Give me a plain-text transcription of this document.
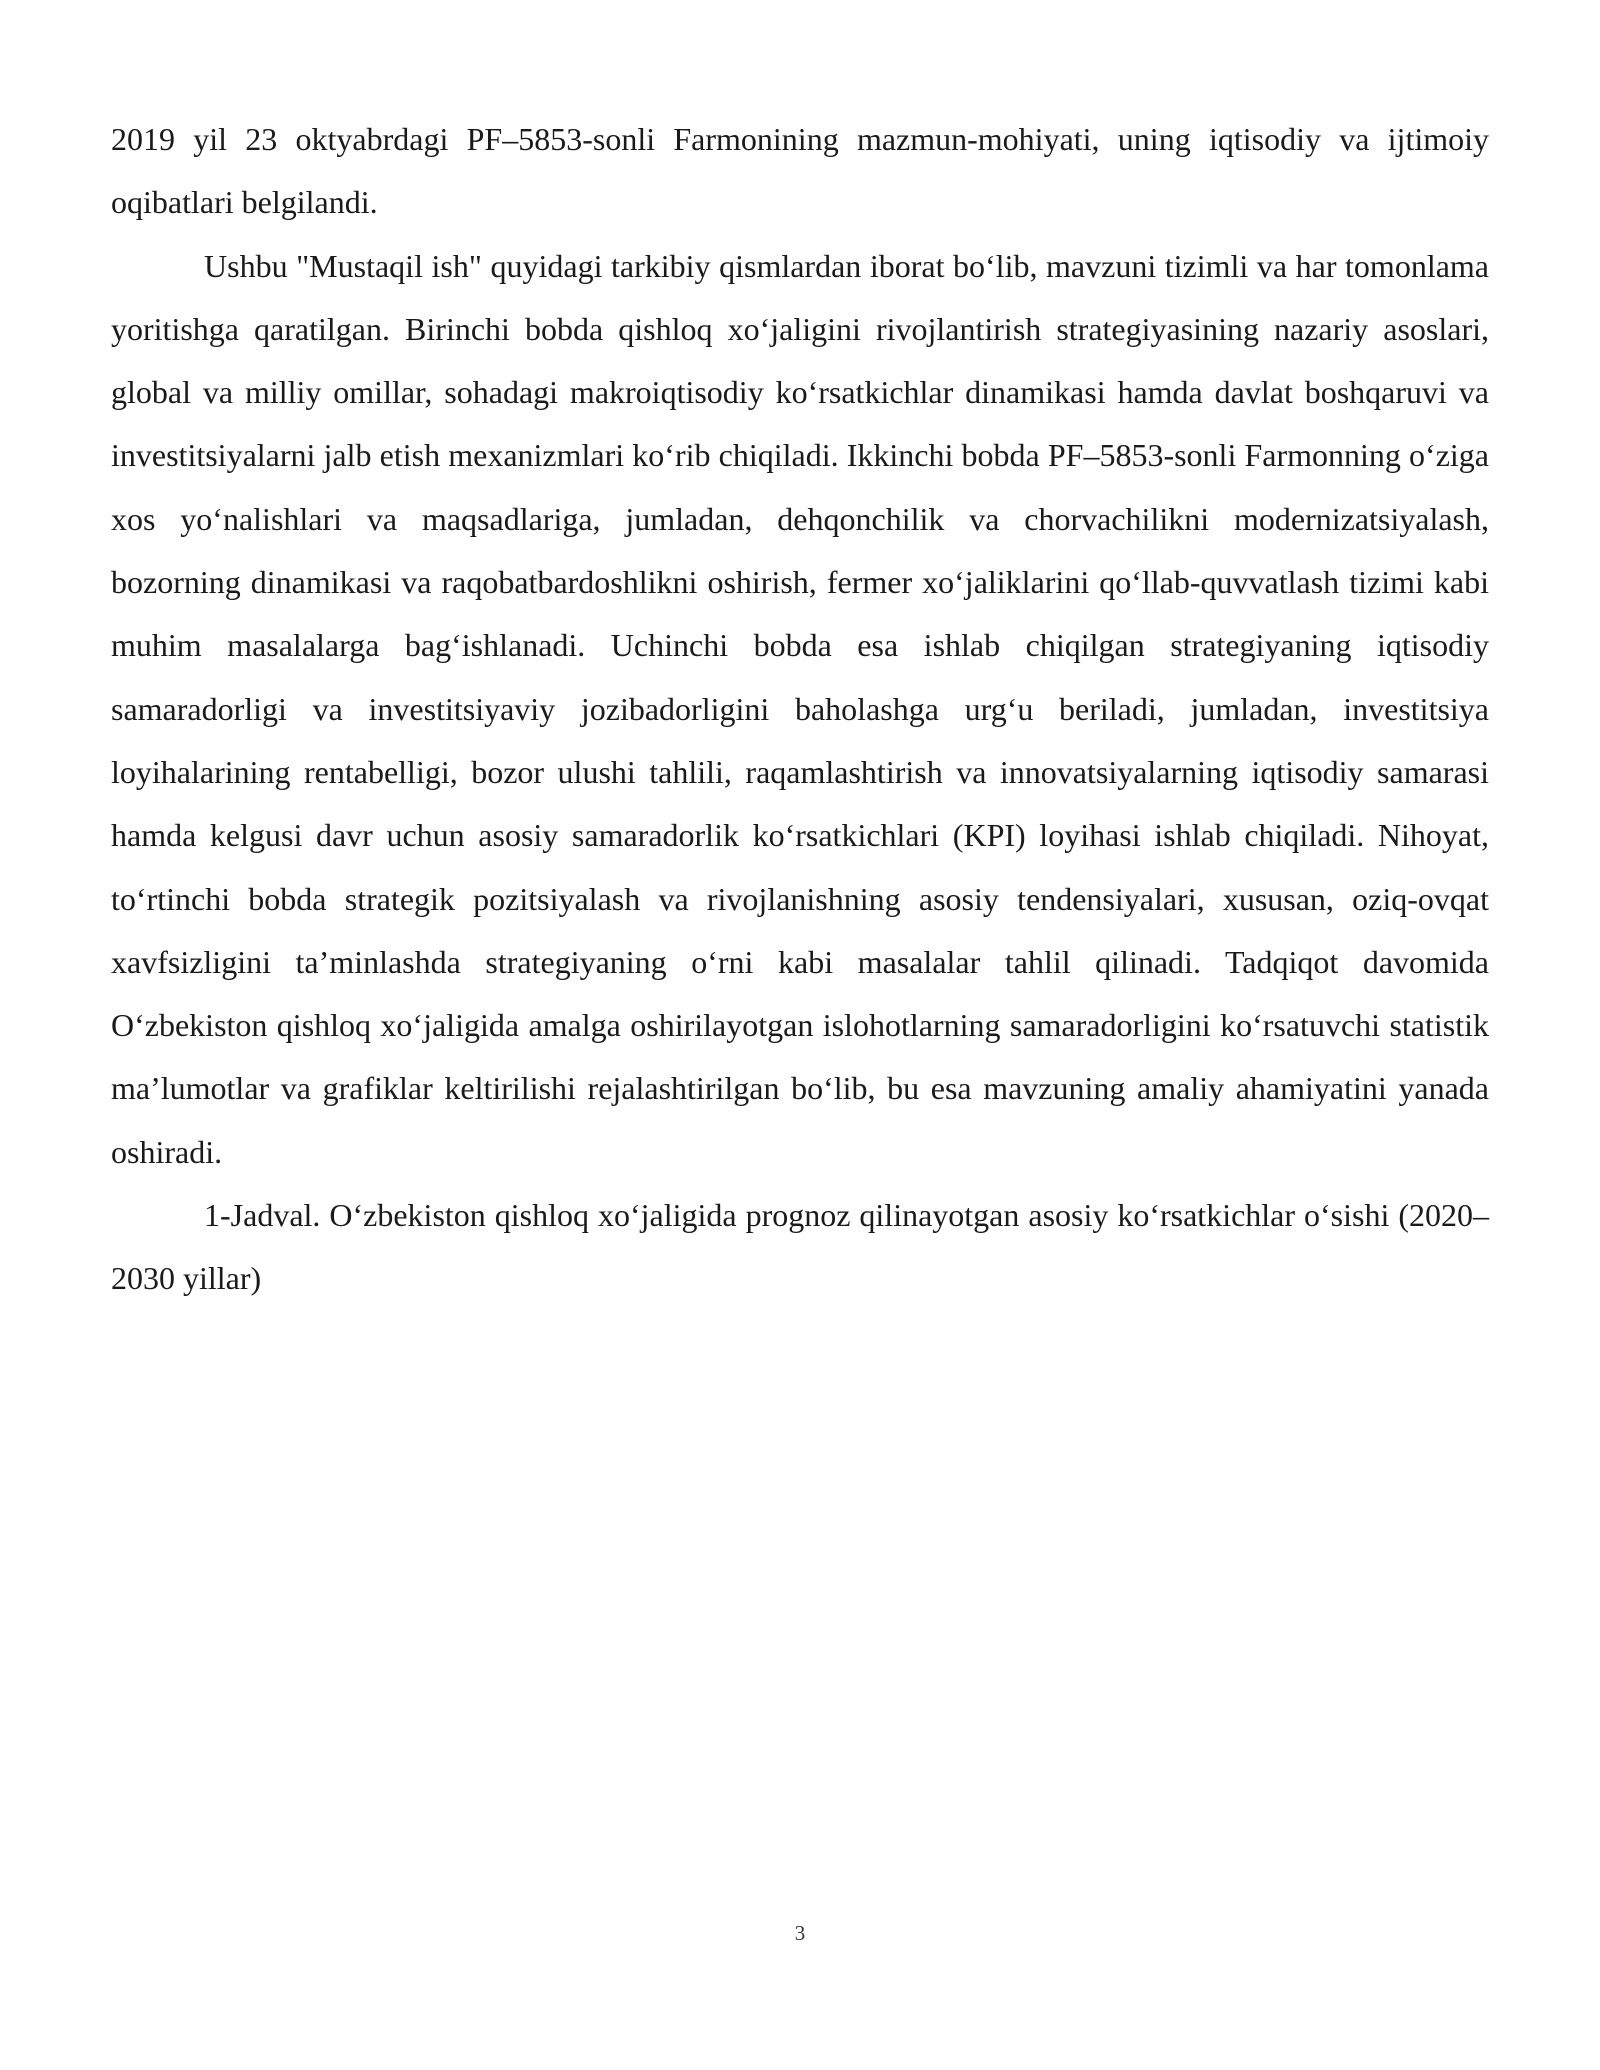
2019 yil 23 oktyabrdagi PF–5853-sonli Farmonining mazmun-mohiyati, uning iqtisodiy va ijtimoiy oqibatlari belgilandi.

Ushbu "Mustaqil ish" quyidagi tarkibiy qismlardan iborat boʻlib, mavzuni tizimli va har tomonlama yoritishga qaratilgan. Birinchi bobda qishloq xoʻjaligini rivojlantirish strategiyasining nazariy asoslari, global va milliy omillar, sohadagi makroiqtisodiy koʻrsatkichlar dinamikasi hamda davlat boshqaruvi va investitsiyalarni jalb etish mexanizmlari koʻrib chiqiladi. Ikkinchi bobda PF–5853-sonli Farmonning oʻziga xos yoʻnalishlari va maqsadlariga, jumladan, dehqonchilik va chorvachilikni modernizatsiyalash, bozorning dinamikasi va raqobatbardoshlikni oshirish, fermer xoʻjaliklarini qoʻllab-quvvatlash tizimi kabi muhim masalalarga bagʻishlanadi. Uchinchi bobda esa ishlab chiqilgan strategiyaning iqtisodiy samaradorligi va investitsiyaviy jozibadorligini baholashga urgʻu beriladi, jumladan, investitsiya loyihalarining rentabelligi, bozor ulushi tahlili, raqamlashtirish va innovatsiyalarning iqtisodiy samarasi hamda kelgusi davr uchun asosiy samaradorlik koʻrsatkichlari (KPI) loyihasi ishlab chiqiladi. Nihoyat, toʻrtinchi bobda strategik pozitsiyalash va rivojlanishning asosiy tendensiyalari, xususan, oziq-ovqat xavfsizligini ta’minlashda strategiyaning oʻrni kabi masalalar tahlil qilinadi. Tadqiqot davomida Oʻzbekiston qishloq xoʻjaligida amalga oshirilayotgan islohotlarning samaradorligini koʻrsatuvchi statistik ma’lumotlar va grafiklar keltirilishi rejalashtirilgan boʻlib, bu esa mavzuning amaliy ahamiyatini yanada oshiradi.

1-Jadval. Oʻzbekiston qishloq xoʻjaligida prognoz qilinayotgan asosiy koʻrsatkichlar oʻsishi (2020–2030 yillar)

3
